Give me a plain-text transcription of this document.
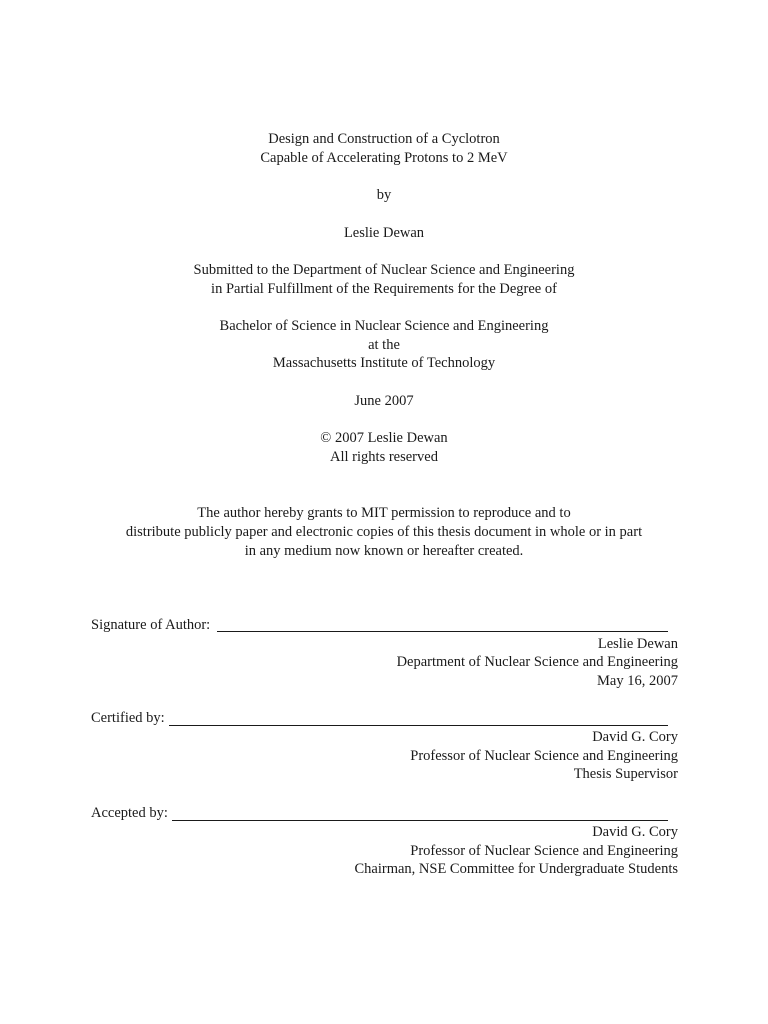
Design and Construction of a Cyclotron
Capable of Accelerating Protons to 2 MeV
by
Leslie Dewan
Submitted to the Department of Nuclear Science and Engineering
in Partial Fulfillment of the Requirements for the Degree of
Bachelor of Science in Nuclear Science and Engineering
at the
Massachusetts Institute of Technology
June 2007
© 2007 Leslie Dewan
All rights reserved
The author hereby grants to MIT permission to reproduce and to
distribute publicly paper and electronic copies of this thesis document in whole or in part
in any medium now known or hereafter created.
Signature of Author:
Leslie Dewan
Department of Nuclear Science and Engineering
May 16, 2007
Certified by:
David G. Cory
Professor of Nuclear Science and Engineering
Thesis Supervisor
Accepted by:
David G. Cory
Professor of Nuclear Science and Engineering
Chairman, NSE Committee for Undergraduate Students
